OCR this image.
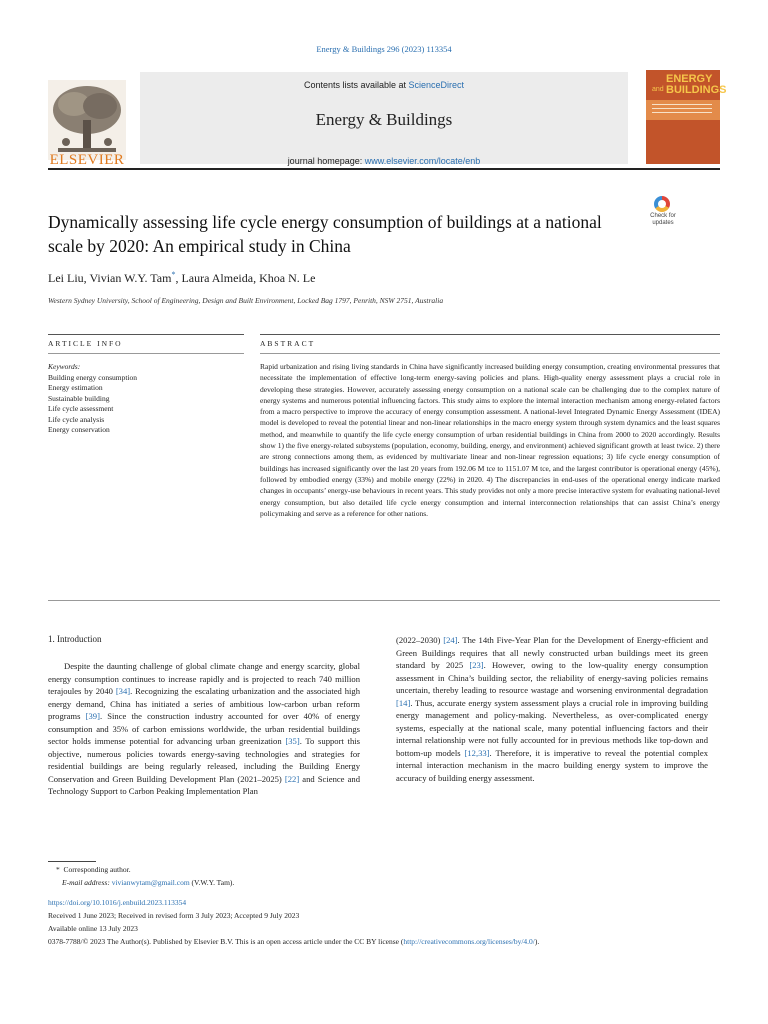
Energy & Buildings 296 (2023) 113354
ELSEVIER
Contents lists available at ScienceDirect
Energy & Buildings
journal homepage: www.elsevier.com/locate/enb
ENERGY BUILDINGS
and
Dynamically assessing life cycle energy consumption of buildings at a national scale by 2020: An empirical study in China
Check for
updates
Lei Liu, Vivian W.Y. Tam*, Laura Almeida, Khoa N. Le
Western Sydney University, School of Engineering, Design and Built Environment, Locked Bag 1797, Penrith, NSW 2751, Australia
ARTICLE INFO	ABSTRACT
Keywords:
Building energy consumption
Energy estimation
Sustainable building
Life cycle assessment
Life cycle analysis
Energy conservation

Rapid urbanization and rising living standards in China have significantly increased building energy consumption, creating environmental pressures that necessitate the implementation of effective long-term energy-saving policies and plans. High-quality energy assessment plays a crucial role in developing these strategies. However, accurately assessing energy consumption on a national scale can be challenging due to the complex nature of energy systems and numerous potential influencing factors. This study aims to explore the internal interaction mechanism among energy-related factors from a macro perspective to improve the accuracy of energy consumption assessment. A national-level Integrated Dynamic Energy Assessment (IDEA) model is developed to reveal the potential linear and non-linear relationships in the macro energy system through system dynamics and the least squares method, and meanwhile to quantify the life cycle energy consumption of urban residential buildings in China from 2000 to 2020 accordingly. Results show 1) the five energy-related subsystems (population, economy, building, energy, and environment) achieved significant growth at least twice. 2) there are strong connections among them, as evidenced by multivariate linear and non-linear regression equations; 3) life cycle energy consumption of buildings has increased significantly over the last 20 years from 192.06 M tce to 1151.07 M tce, and the largest contributor is operational energy (45%), followed by embodied energy (33%) and mobile energy (22%) in 2020. 4) The discrepancies in end-uses of the operational energy indicate marked changes in occupants’ energy-use behaviours in recent years. This study provides not only a more precise interactive system for evaluating national-level energy consumption, but also detailed life cycle energy consumption and internal interconnection relationships that can assist China’s energy policymaking and serve as a reference for other nations.

1. Introduction

Despite the daunting challenge of global climate change and energy scarcity, global energy consumption continues to increase rapidly and is projected to reach 740 million terajoules by 2040 [34]. Recognizing the escalating urbanization and the associated high energy demand, China has initiated a series of ambitious low-carbon urban reform programs [39]. Since the construction industry accounted for over 40% of energy consumption and 35% of carbon emissions worldwide, the urban residential buildings sector holds immense potential for advancing urban greenization [35]. To support this objective, numerous policies towards energy-saving technologies and strategies for residential buildings are being regularly released, including the Building Energy Conservation and Green Building Development Plan (2021–2025) [22] and Science and Technology Support to Carbon Peaking Implementation Plan

(2022–2030) [24]. The 14th Five-Year Plan for the Development of Energy-efficient and Green Buildings requires that all newly constructed urban buildings meet its green standard by 2025 [23]. However, owing to the low-quality energy consumption assessment in China’s building sector, the reliability of energy-saving policies remains uncertain, thereby leading to resource wastage and worsening environmental degradation [14]. Thus, accurate energy system assessment plays a crucial role in improving building energy management and policy-making. Nevertheless, as over-complicated energy systems, especially at the national scale, many potential influencing factors and their internal relationship were not fully accounted for in previous methods like top-down and bottom-up models [12,33]. Therefore, it is imperative to reveal the potential complex internal interaction mechanism in the macro building energy system to improve the accuracy of building energy assessment.

* Corresponding author.
E-mail address: vivianwytam@gmail.com (V.W.Y. Tam).
https://doi.org/10.1016/j.enbuild.2023.113354
Received 1 June 2023; Received in revised form 3 July 2023; Accepted 9 July 2023
Available online 13 July 2023
0378-7788/© 2023 The Author(s). Published by Elsevier B.V. This is an open access article under the CC BY license (http://creativecommons.org/licenses/by/4.0/).
